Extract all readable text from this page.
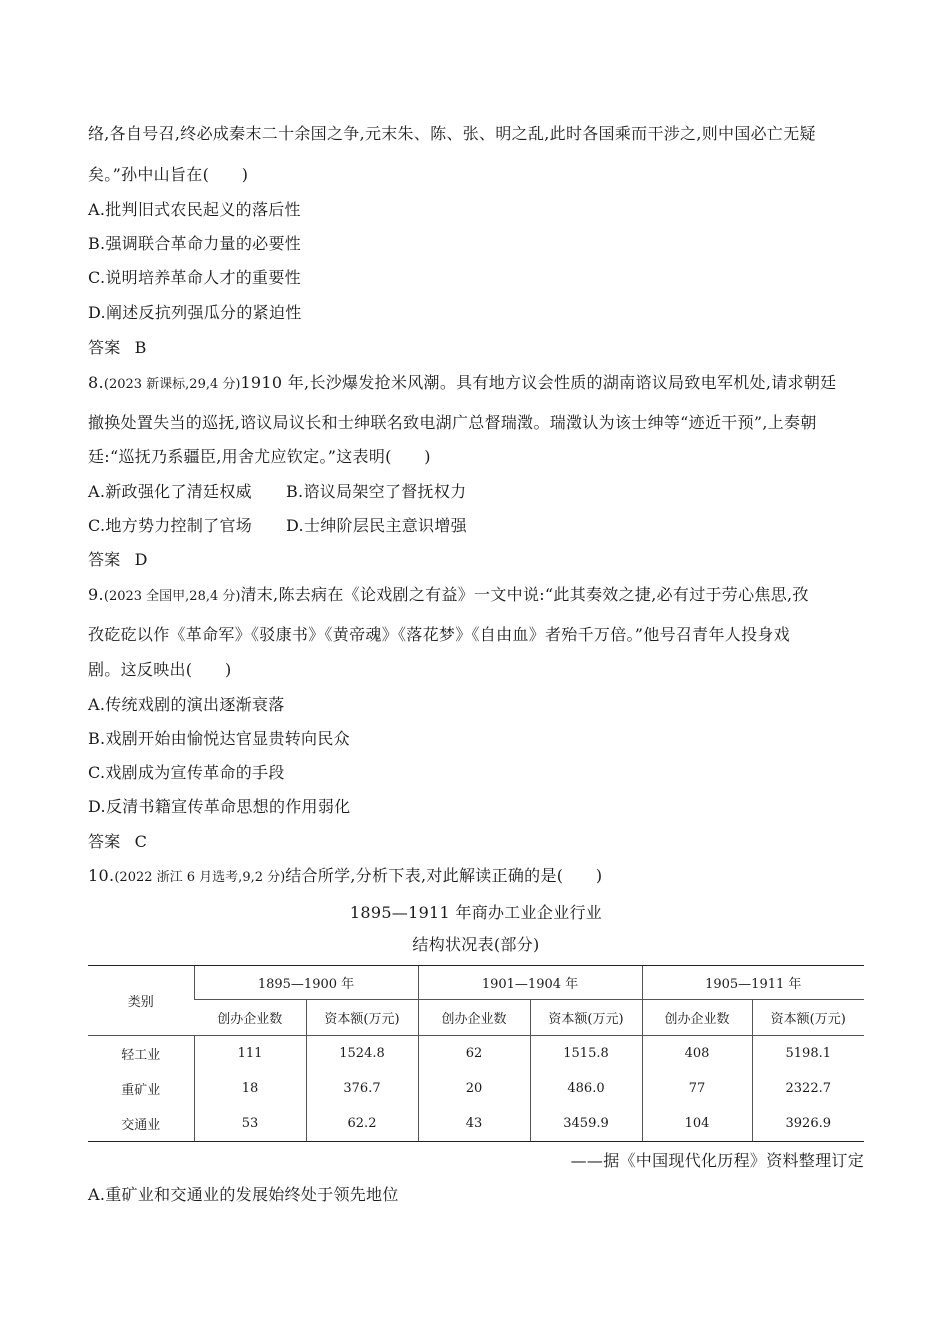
络,各自号召,终必成秦末二十余国之争,元末朱、陈、张、明之乱,此时各国乘而干涉之,则中国必亡无疑
矣。”孙中山旨在(　　)
A.批判旧式农民起义的落后性
B.强调联合革命力量的必要性
C.说明培养革命人才的重要性
D.阐述反抗列强瓜分的紧迫性
答案 B
8.(2023 新课标,29,4 分)1910 年,长沙爆发抢米风潮。具有地方议会性质的湖南谘议局致电军机处,请求朝廷
撤换处置失当的巡抚,谘议局议长和士绅联名致电湖广总督瑞澂。瑞澂认为该士绅等“迹近干预”,上奏朝
廷:“巡抚乃系疆臣,用舍尤应钦定。”这表明(　　)
A.新政强化了清廷权威 B.谘议局架空了督抚权力
C.地方势力控制了官场 D.士绅阶层民主意识增强
答案 D
9.(2023 全国甲,28,4 分)清末,陈去病在《论戏剧之有益》一文中说:“此其奏效之捷,必有过于劳心焦思,孜
孜矻矻以作《革命军》《驳康书》《黄帝魂》《落花梦》《自由血》者殆千万倍。”他号召青年人投身戏
剧。这反映出(　　)
A.传统戏剧的演出逐渐衰落
B.戏剧开始由愉悦达官显贵转向民众
C.戏剧成为宣传革命的手段
D.反清书籍宣传革命思想的作用弱化
答案 C
10.(2022 浙江 6 月选考,9,2 分)结合所学,分析下表,对此解读正确的是(　　)
1895—1911 年商办工业企业行业
结构状况表(部分)
类别	1895—1900 年		1901—1904 年		1905—1911 年	
	创办企业数	资本额(万元)	创办企业数	资本额(万元)	创办企业数	资本额(万元)
轻工业	111	1524.8	62	1515.8	408	5198.1
重矿业	18	376.7	20	486.0	77	2322.7
交通业	53	62.2	43	3459.9	104	3926.9
——据《中国现代化历程》资料整理订定
A.重矿业和交通业的发展始终处于领先地位
